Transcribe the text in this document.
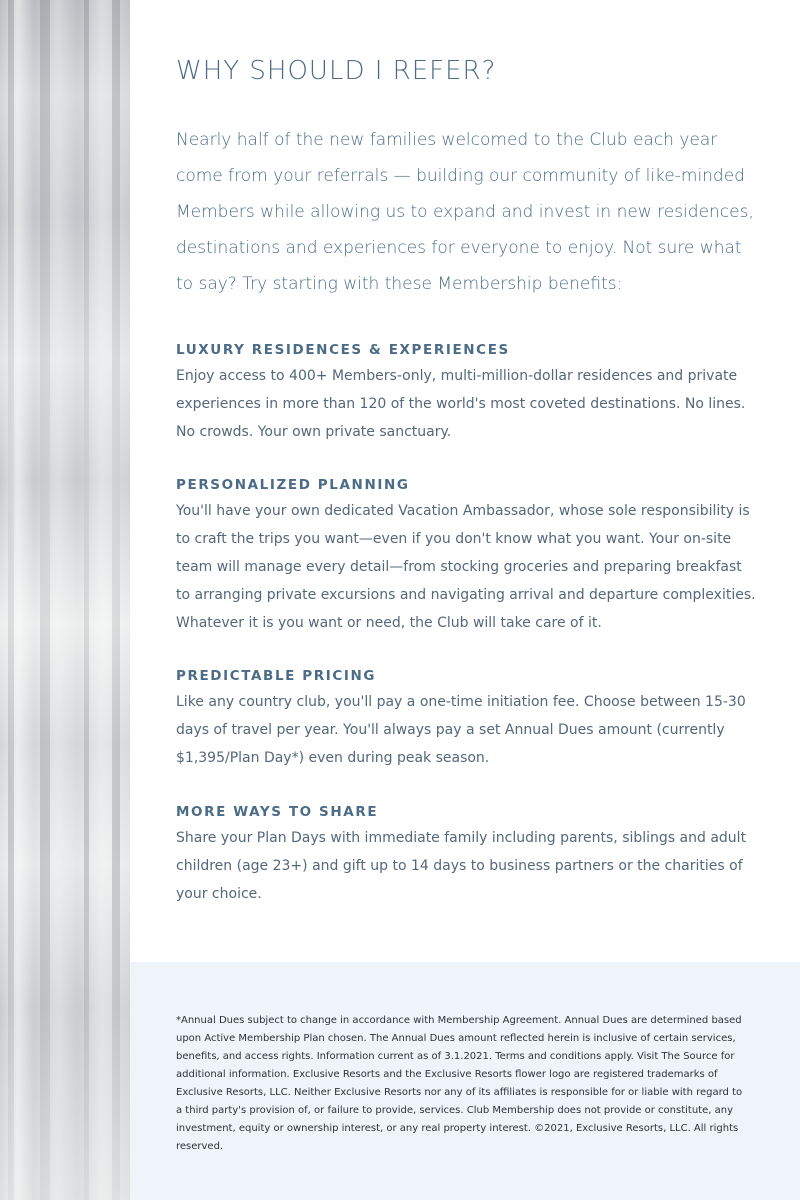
WHY SHOULD I REFER?

Nearly half of the new families welcomed to the Club each year come from your referrals — building our community of like-minded Members while allowing us to expand and invest in new residences, destinations and experiences for everyone to enjoy. Not sure what to say? Try starting with these Membership benefits:

LUXURY RESIDENCES & EXPERIENCES

Enjoy access to 400+ Members-only, multi-million-dollar residences and private experiences in more than 120 of the world's most coveted destinations. No lines. No crowds. Your own private sanctuary.

PERSONALIZED PLANNING

You'll have your own dedicated Vacation Ambassador, whose sole responsibility is to craft the trips you want—even if you don't know what you want. Your on-site team will manage every detail—from stocking groceries and preparing breakfast to arranging private excursions and navigating arrival and departure complexities. Whatever it is you want or need, the Club will take care of it.

PREDICTABLE PRICING

Like any country club, you'll pay a one-time initiation fee. Choose between 15-30 days of travel per year. You'll always pay a set Annual Dues amount (currently $1,395/Plan Day*) even during peak season.

MORE WAYS TO SHARE

Share your Plan Days with immediate family including parents, siblings and adult children (age 23+) and gift up to 14 days to business partners or the charities of your choice.

*Annual Dues subject to change in accordance with Membership Agreement. Annual Dues are determined based upon Active Membership Plan chosen. The Annual Dues amount reflected herein is inclusive of certain services, benefits, and access rights. Information current as of 3.1.2021. Terms and conditions apply. Visit The Source for additional information. Exclusive Resorts and the Exclusive Resorts flower logo are registered trademarks of Exclusive Resorts, LLC. Neither Exclusive Resorts nor any of its affiliates is responsible for or liable with regard to a third party's provision of, or failure to provide, services. Club Membership does not provide or constitute, any investment, equity or ownership interest, or any real property interest. ©2021, Exclusive Resorts, LLC. All rights reserved.
